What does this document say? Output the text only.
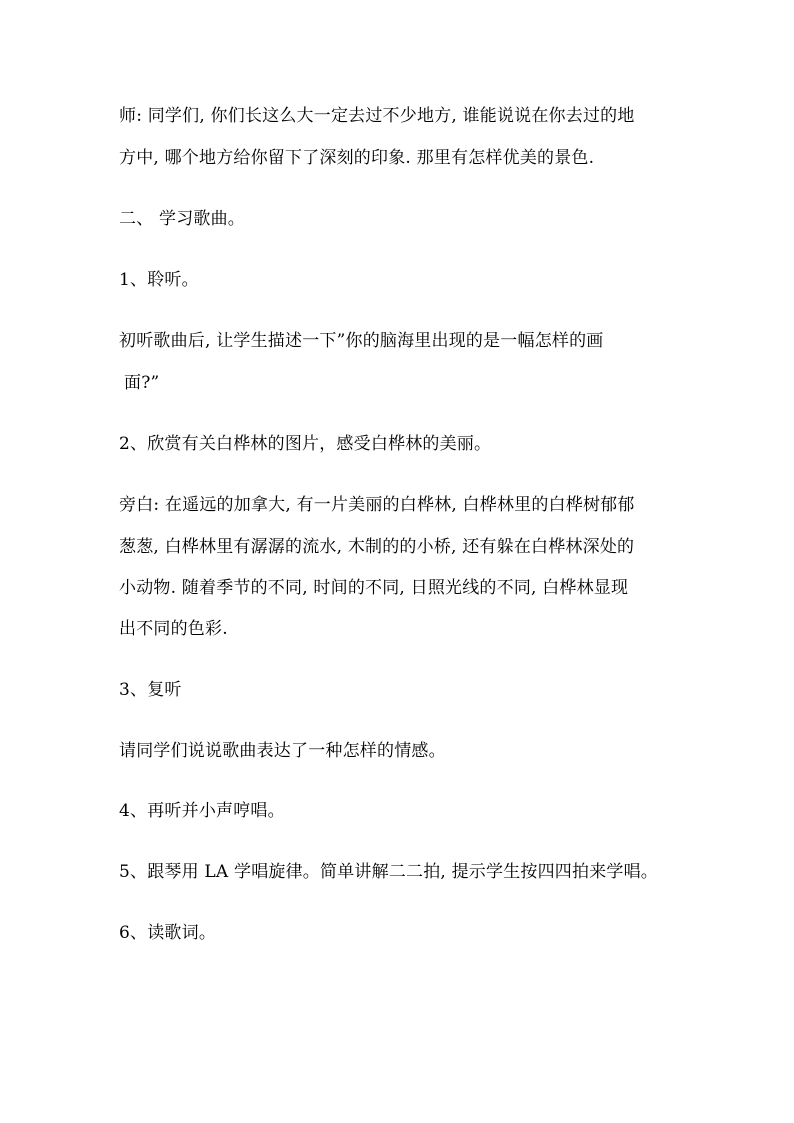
师: 同学们, 你们长这么大一定去过不少地方, 谁能说说在你去过的地
方中, 哪个地方给你留下了深刻的印象. 那里有怎样优美的景色.
二、 学习歌曲。
1、聆听。
初听歌曲后, 让学生描述一下”你的脑海里出现的是一幅怎样的画
面?”
2、欣赏有关白桦林的图片，感受白桦林的美丽。
旁白: 在遥远的加拿大, 有一片美丽的白桦林, 白桦林里的白桦树郁郁
葱葱, 白桦林里有潺潺的流水, 木制的的小桥, 还有躲在白桦林深处的
小动物. 随着季节的不同, 时间的不同, 日照光线的不同, 白桦林显现
出不同的色彩.
3、复听
请同学们说说歌曲表达了一种怎样的情感。
4、再听并小声哼唱。
5、跟琴用 LA 学唱旋律。简单讲解二二拍, 提示学生按四四拍来学唱。
6、读歌词。
